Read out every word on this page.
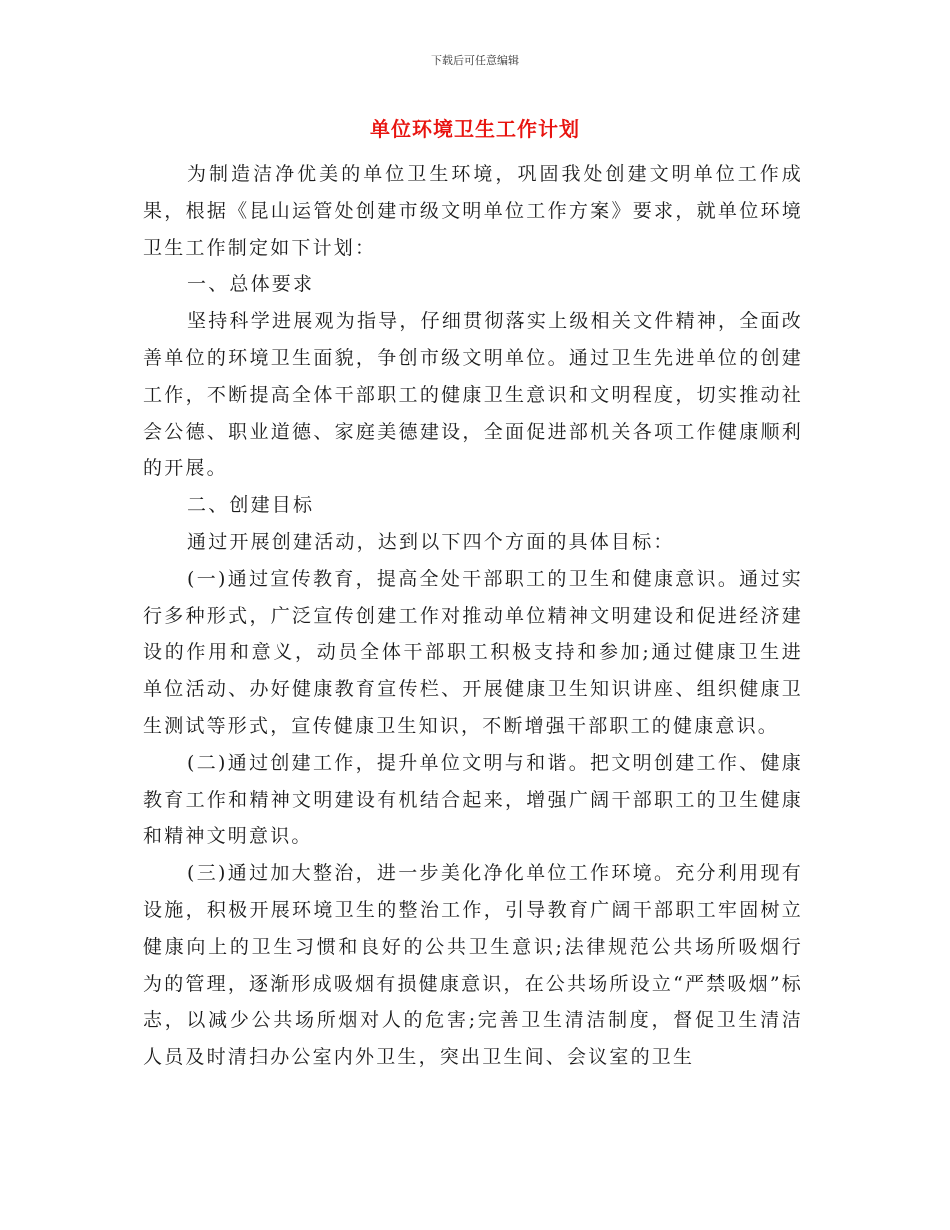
下载后可任意编辑
单位环境卫生工作计划

为制造洁净优美的单位卫生环境，巩固我处创建文明单位工作成果，根据《昆山运管处创建市级文明单位工作方案》要求，就单位环境卫生工作制定如下计划：

一、总体要求

坚持科学进展观为指导，仔细贯彻落实上级相关文件精神，全面改善单位的环境卫生面貌，争创市级文明单位。通过卫生先进单位的创建工作，不断提高全体干部职工的健康卫生意识和文明程度，切实推动社会公德、职业道德、家庭美德建设，全面促进部机关各项工作健康顺利的开展。

二、创建目标

通过开展创建活动，达到以下四个方面的具体目标：

(一)通过宣传教育，提高全处干部职工的卫生和健康意识。通过实行多种形式，广泛宣传创建工作对推动单位精神文明建设和促进经济建设的作用和意义，动员全体干部职工积极支持和参加;通过健康卫生进单位活动、办好健康教育宣传栏、开展健康卫生知识讲座、组织健康卫生测试等形式，宣传健康卫生知识，不断增强干部职工的健康意识。

(二)通过创建工作，提升单位文明与和谐。把文明创建工作、健康教育工作和精神文明建设有机结合起来，增强广阔干部职工的卫生健康和精神文明意识。

(三)通过加大整治，进一步美化净化单位工作环境。充分利用现有设施，积极开展环境卫生的整治工作，引导教育广阔干部职工牢固树立健康向上的卫生习惯和良好的公共卫生意识;法律规范公共场所吸烟行为的管理，逐渐形成吸烟有损健康意识，在公共场所设立“严禁吸烟”标志，以减少公共场所烟对人的危害;完善卫生清洁制度，督促卫生清洁人员及时清扫办公室内外卫生，突出卫生间、会议室的卫生
